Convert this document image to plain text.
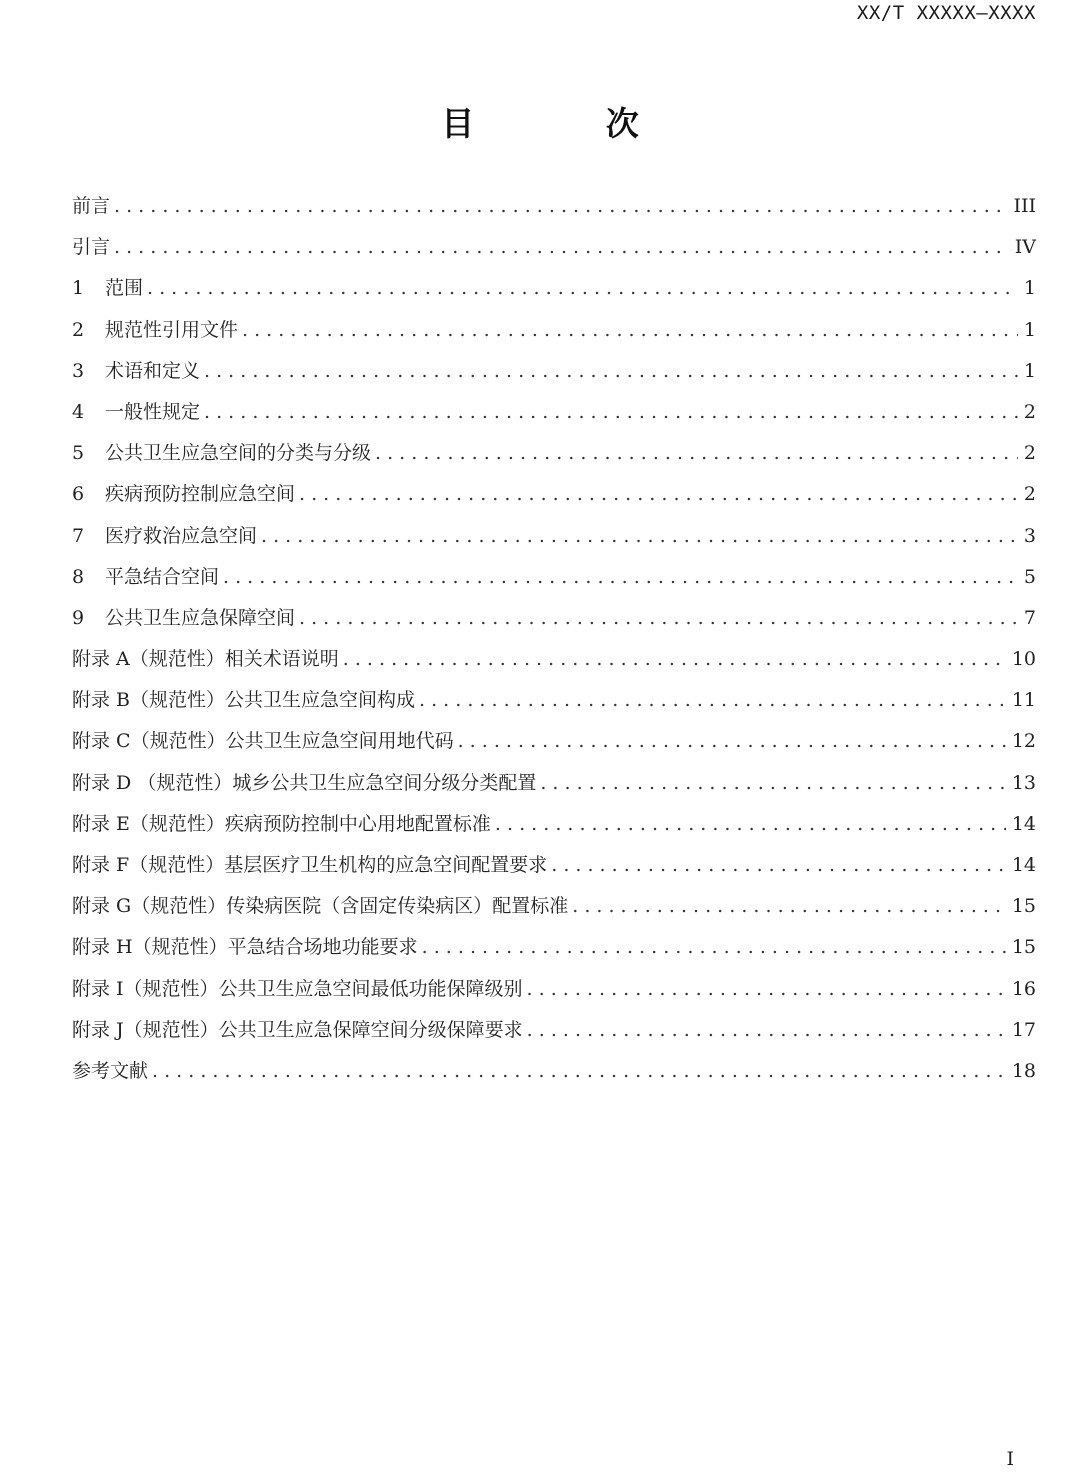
XX/T XXXXX—XXXX
目 次
前言 . . .	III
引言 . . .	IV
1	范围 . . .	1
2	规范性引用文件 . . .	1
3	术语和定义 . . .	1
4	一般性规定 . . .	2
5	公共卫生应急空间的分类与分级 . . .	2
6	疾病预防控制应急空间 . . .	2
7	医疗救治应急空间 . . .	3
8	平急结合空间 . . .	5
9	公共卫生应急保障空间 . . .	7
附录 A（规范性）相关术语说明 . . .	10
附录 B（规范性）公共卫生应急空间构成 . . .	11
附录 C（规范性）公共卫生应急空间用地代码 . . .	12
附录 D （规范性）城乡公共卫生应急空间分级分类配置 . . .	13
附录 E（规范性）疾病预防控制中心用地配置标准 . . .	14
附录 F（规范性）基层医疗卫生机构的应急空间配置要求 . . .	14
附录 G（规范性）传染病医院（含固定传染病区）配置标准 . . .	15
附录 H（规范性）平急结合场地功能要求 . . .	15
附录 I（规范性）公共卫生应急空间最低功能保障级别 . . .	16
附录 J（规范性）公共卫生应急保障空间分级保障要求 . . .	17
参考文献 . . .	18
I
